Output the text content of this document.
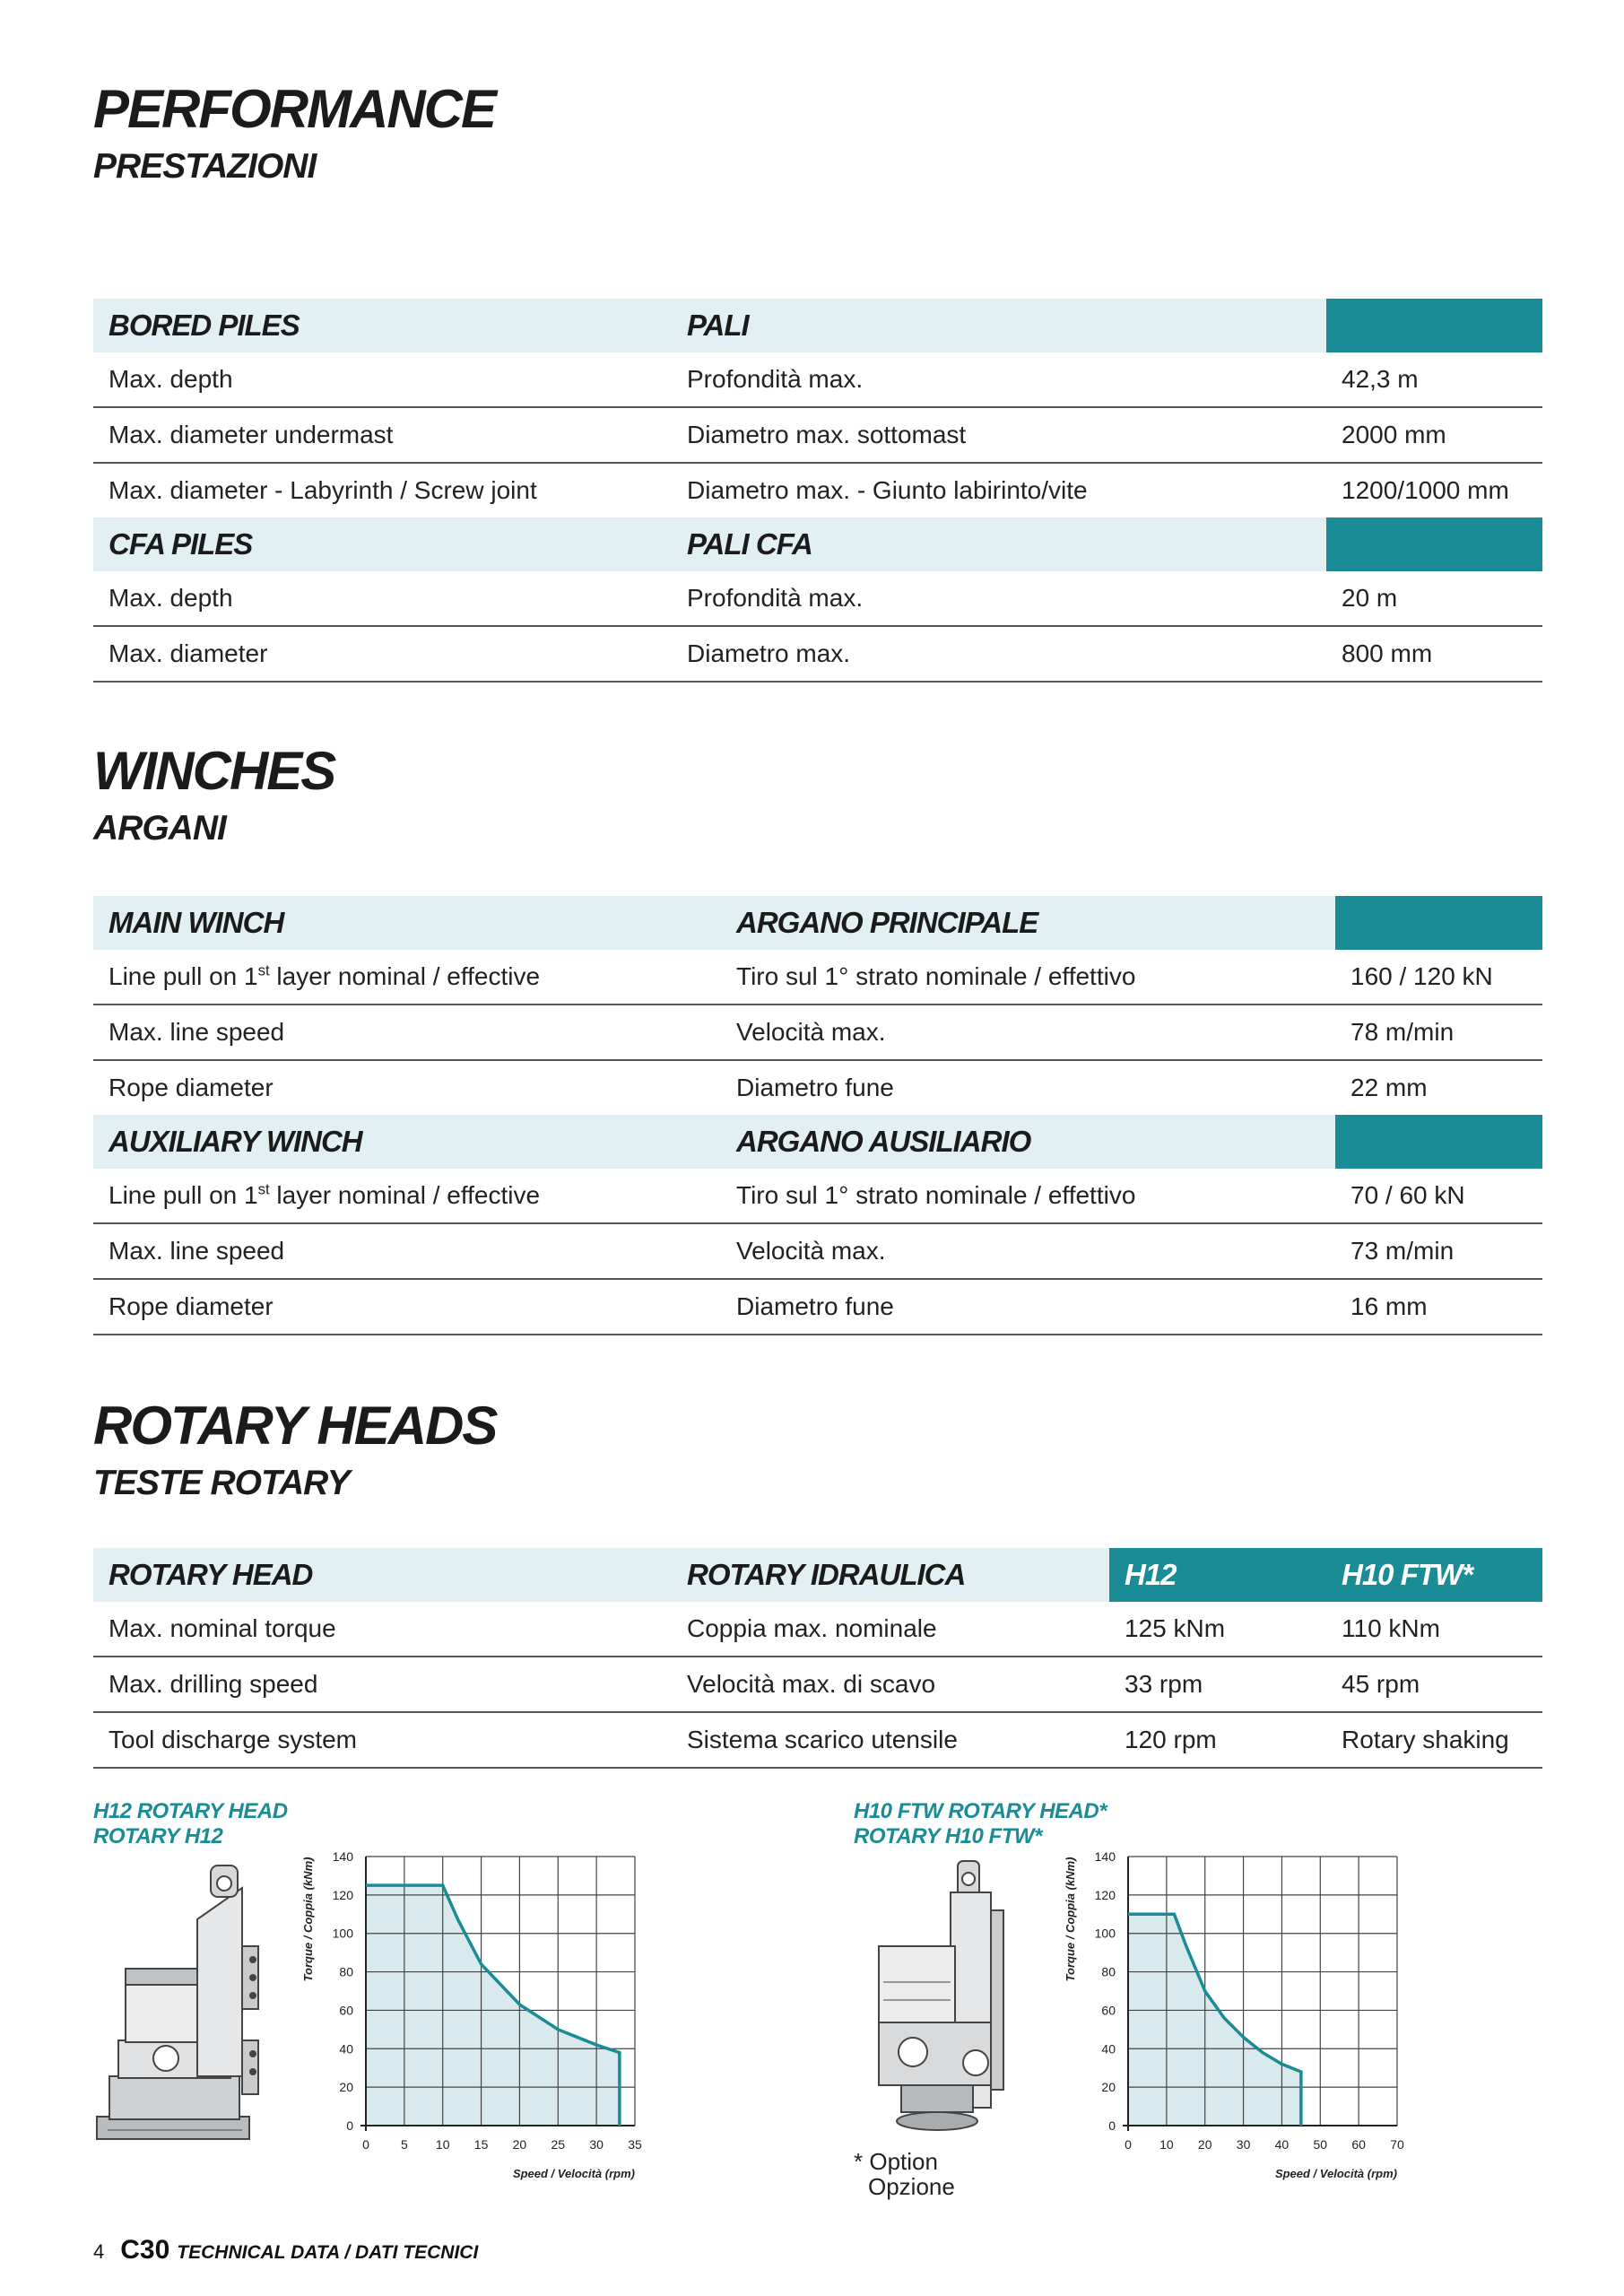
PERFORMANCE

PRESTAZIONI

BORED PILES	PALI	
Max. depth	Profondità max.	42,3 m
Max. diameter undermast	Diametro max. sottomast	2000 mm
Max. diameter - Labyrinth / Screw joint	Diametro max. - Giunto labirinto/vite	1200/1000 mm
CFA PILES	PALI CFA	
Max. depth	Profondità max.	20 m
Max. diameter	Diametro max.	800 mm

WINCHES

ARGANI

MAIN WINCH	ARGANO PRINCIPALE	
Line pull on 1st layer nominal / effective	Tiro sul 1° strato nominale / effettivo	160 / 120 kN
Max. line speed	Velocità max.	78 m/min
Rope diameter	Diametro fune	22 mm
AUXILIARY WINCH	ARGANO AUSILIARIO	
Line pull on 1st layer nominal / effective	Tiro sul 1° strato nominale / effettivo	70 / 60 kN
Max. line speed	Velocità max.	73 m/min
Rope diameter	Diametro fune	16 mm

ROTARY HEADS

TESTE ROTARY

ROTARY HEAD	ROTARY IDRAULICA	H12	H10 FTW*
Max. nominal torque	Coppia max. nominale	125 kNm	110 kNm
Max. drilling speed	Velocità max. di scavo	33 rpm	45 rpm
Tool discharge system	Sistema scarico utensile	120 rpm	Rotary shaking
H12 ROTARY HEAD
ROTARY H12
0	5 10 15 20 25 30 35
0
20
40
60
80
100
120
140
Speed / Velocità (rpm)
Torque / Coppia (kNm)
H10 FTW ROTARY HEAD*
ROTARY H10 FTW*
* Option
Opzione
0 10 20 30 40 50 60 70
0
20
40
60
80
100
120
140
Speed / Velocità (rpm)
Torque / Coppia (kNm)
4 C30 TECHNICAL DATA / DATI TECNICI
